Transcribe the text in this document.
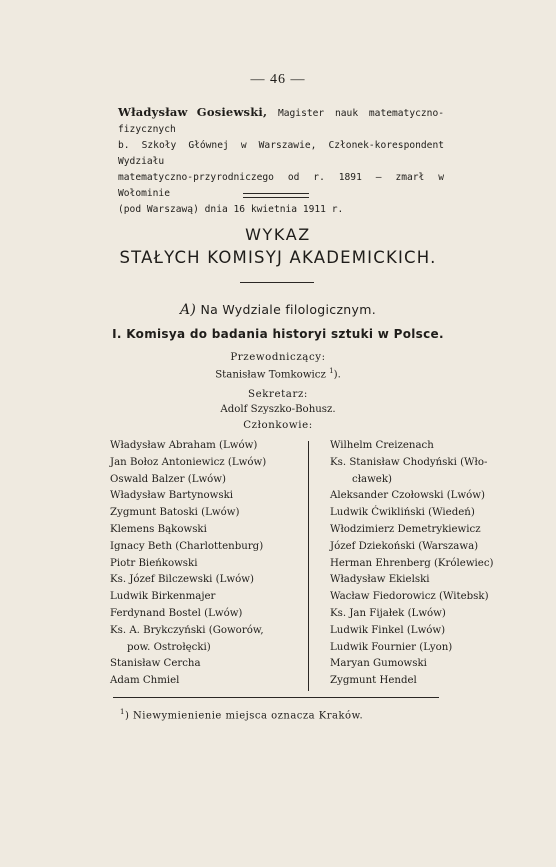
— 46 —
Władysław Gosiewski, Magister nauk matematyczno-fizycznych
b. Szkoły Głównej w Warszawie, Członek-korespondent Wydziału
matematyczno-przyrodniczego od r. 1891 — zmarł w Wołominie
(pod Warszawą) dnia 16 kwietnia 1911 r.
WYKAZ
STAŁYCH KOMISYJ AKADEMICKICH.
A) Na Wydziale filologicznym.
I. Komisya do badania historyi sztuki w Polsce.
Przewodniczący:
Stanisław Tomkowicz $^1$).
Sekretarz:
Adolf Szyszko-Bohusz.
Członkowie:
Władysław Abraham (Lwów)
Jan Bołoz Antoniewicz (Lwów)
Oswald Balzer (Lwów)
Władysław Bartynowski
Zygmunt Batoski (Lwów)
Klemens Bąkowski
Ignacy Beth (Charlottenburg)
Piotr Bieńkowski
Ks. Józef Bilczewski (Lwów)
Ludwik Birkenmajer
Ferdynand Bostel (Lwów)
Ks. A. Brykczyński (Goworów,
pow. Ostrołęcki)
Stanisław Cercha
Adam Chmiel
Wilhelm Creizenach
Ks. Stanisław Chodyński (Wło-
cławek)
Aleksander Czołowski (Lwów)
Ludwik Ćwikliński (Wiedeń)
Włodzimierz Demetrykiewicz
Józef Dziekoński (Warszawa)
Herman Ehrenberg (Królewiec)
Władysław Ekielski
Wacław Fiedorowicz (Witebsk)
Ks. Jan Fijałek (Lwów)
Ludwik Finkel (Lwów)
Ludwik Fournier (Lyon)
Maryan Gumowski
Zygmunt Hendel
$^1$) Niewymienienie miejsca oznacza Kraków.
